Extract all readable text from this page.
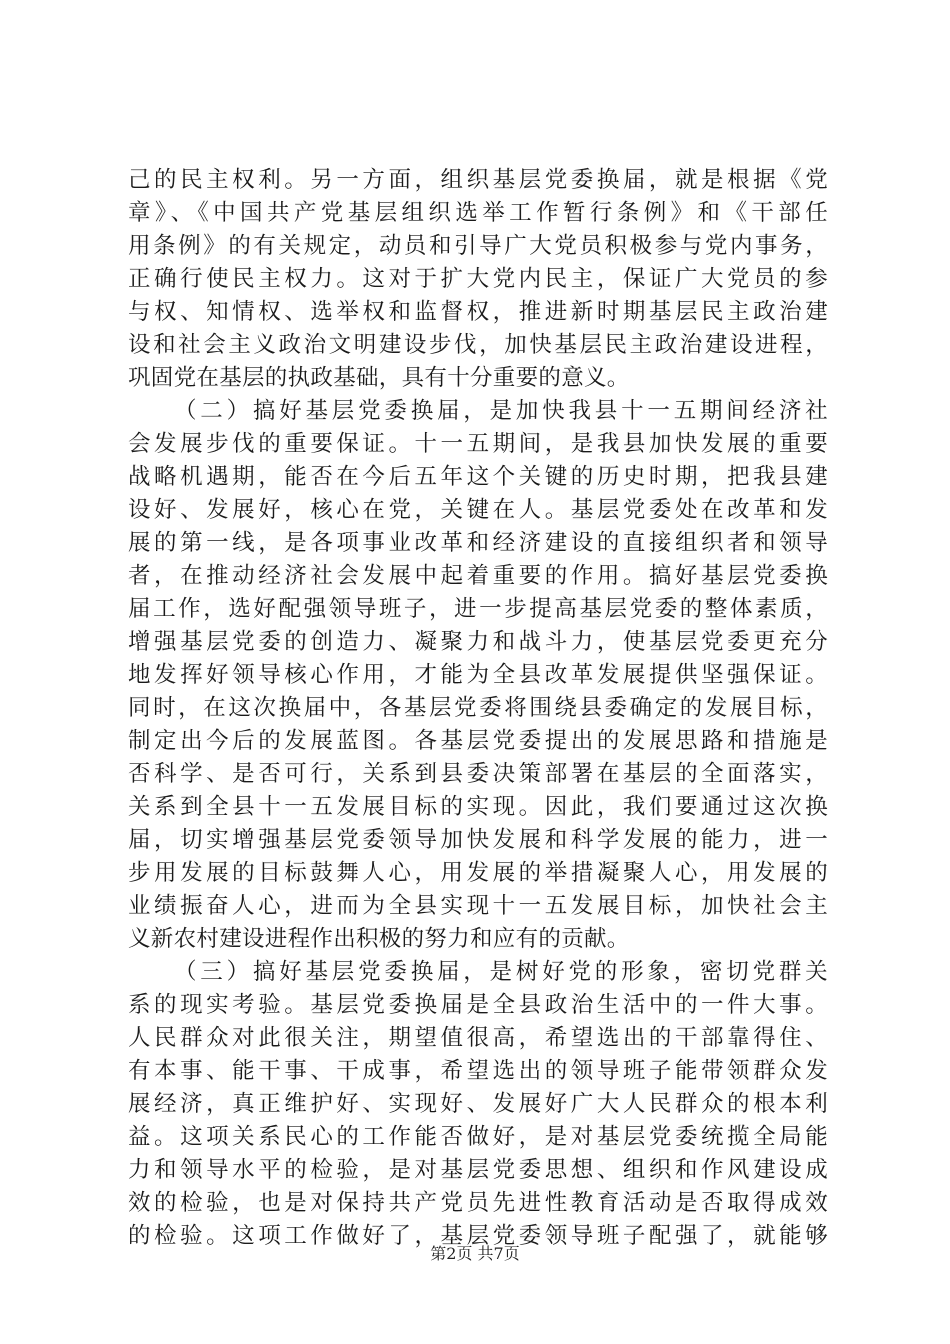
己的民主权利。另一方面，组织基层党委换届，就是根据《党
章》、《中国共产党基层组织选举工作暂行条例》和《干部任
用条例》的有关规定，动员和引导广大党员积极参与党内事务，
正确行使民主权力。这对于扩大党内民主，保证广大党员的参
与权、知情权、选举权和监督权，推进新时期基层民主政治建
设和社会主义政治文明建设步伐，加快基层民主政治建设进程，
巩固党在基层的执政基础，具有十分重要的意义。
（二）搞好基层党委换届，是加快我县十一五期间经济社
会发展步伐的重要保证。十一五期间，是我县加快发展的重要
战略机遇期，能否在今后五年这个关键的历史时期，把我县建
设好、发展好，核心在党，关键在人。基层党委处在改革和发
展的第一线，是各项事业改革和经济建设的直接组织者和领导
者，在推动经济社会发展中起着重要的作用。搞好基层党委换
届工作，选好配强领导班子，进一步提高基层党委的整体素质，
增强基层党委的创造力、凝聚力和战斗力，使基层党委更充分
地发挥好领导核心作用，才能为全县改革发展提供坚强保证。
同时，在这次换届中，各基层党委将围绕县委确定的发展目标，
制定出今后的发展蓝图。各基层党委提出的发展思路和措施是
否科学、是否可行，关系到县委决策部署在基层的全面落实，
关系到全县十一五发展目标的实现。因此，我们要通过这次换
届，切实增强基层党委领导加快发展和科学发展的能力，进一
步用发展的目标鼓舞人心，用发展的举措凝聚人心，用发展的
业绩振奋人心，进而为全县实现十一五发展目标，加快社会主
义新农村建设进程作出积极的努力和应有的贡献。
（三）搞好基层党委换届，是树好党的形象，密切党群关
系的现实考验。基层党委换届是全县政治生活中的一件大事。
人民群众对此很关注，期望值很高，希望选出的干部靠得住、
有本事、能干事、干成事，希望选出的领导班子能带领群众发
展经济，真正维护好、实现好、发展好广大人民群众的根本利
益。这项关系民心的工作能否做好，是对基层党委统揽全局能
力和领导水平的检验，是对基层党委思想、组织和作风建设成
效的检验，也是对保持共产党员先进性教育活动是否取得成效
的检验。这项工作做好了，基层党委领导班子配强了，就能够
第2页 共7页
